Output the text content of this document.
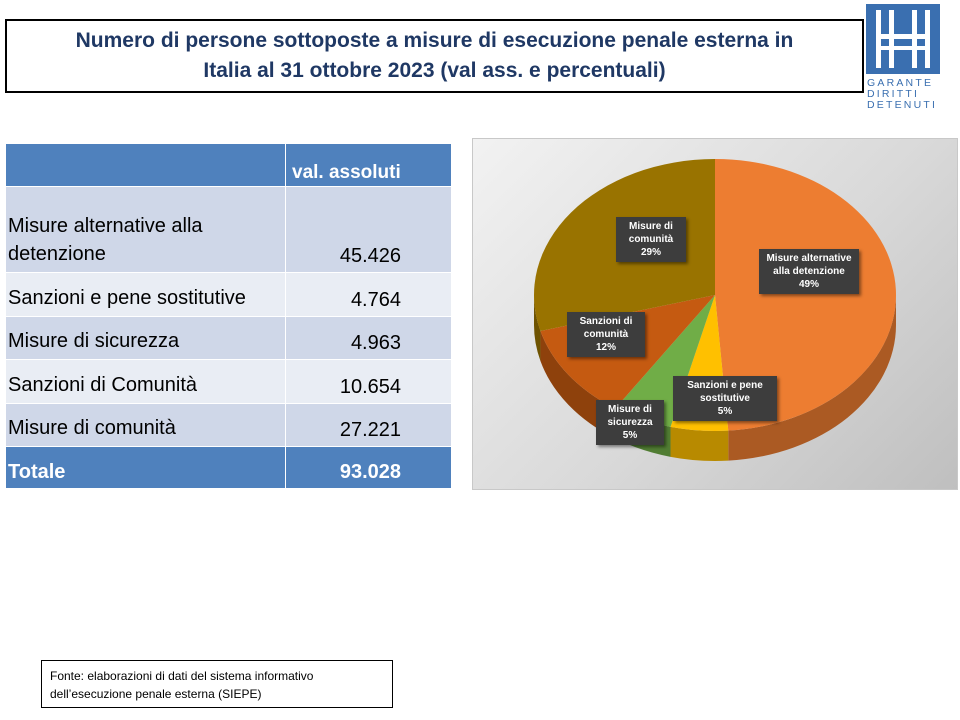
Numero di persone sottoposte a misure di esecuzione penale esterna in
Italia al 31 ottobre 2023 (val ass. e percentuali)
GARANTE
DIRITTI
DETENUTI
	val. assoluti
Misure alternative alla detenzione	45.426
Sanzioni e pene sostitutive	4.764
Misure di sicurezza	4.963
Sanzioni di Comunità	10.654
Misure di comunità	27.221
Totale	93.028
Misure alternative alla detenzione
49%
Sanzioni e pene sostitutive
5%
Misure di sicurezza
5%
Sanzioni di comunità
12%
Misure di comunità
29%
Fonte: elaborazioni di dati del sistema informativo dell’esecuzione penale esterna (SIEPE)
